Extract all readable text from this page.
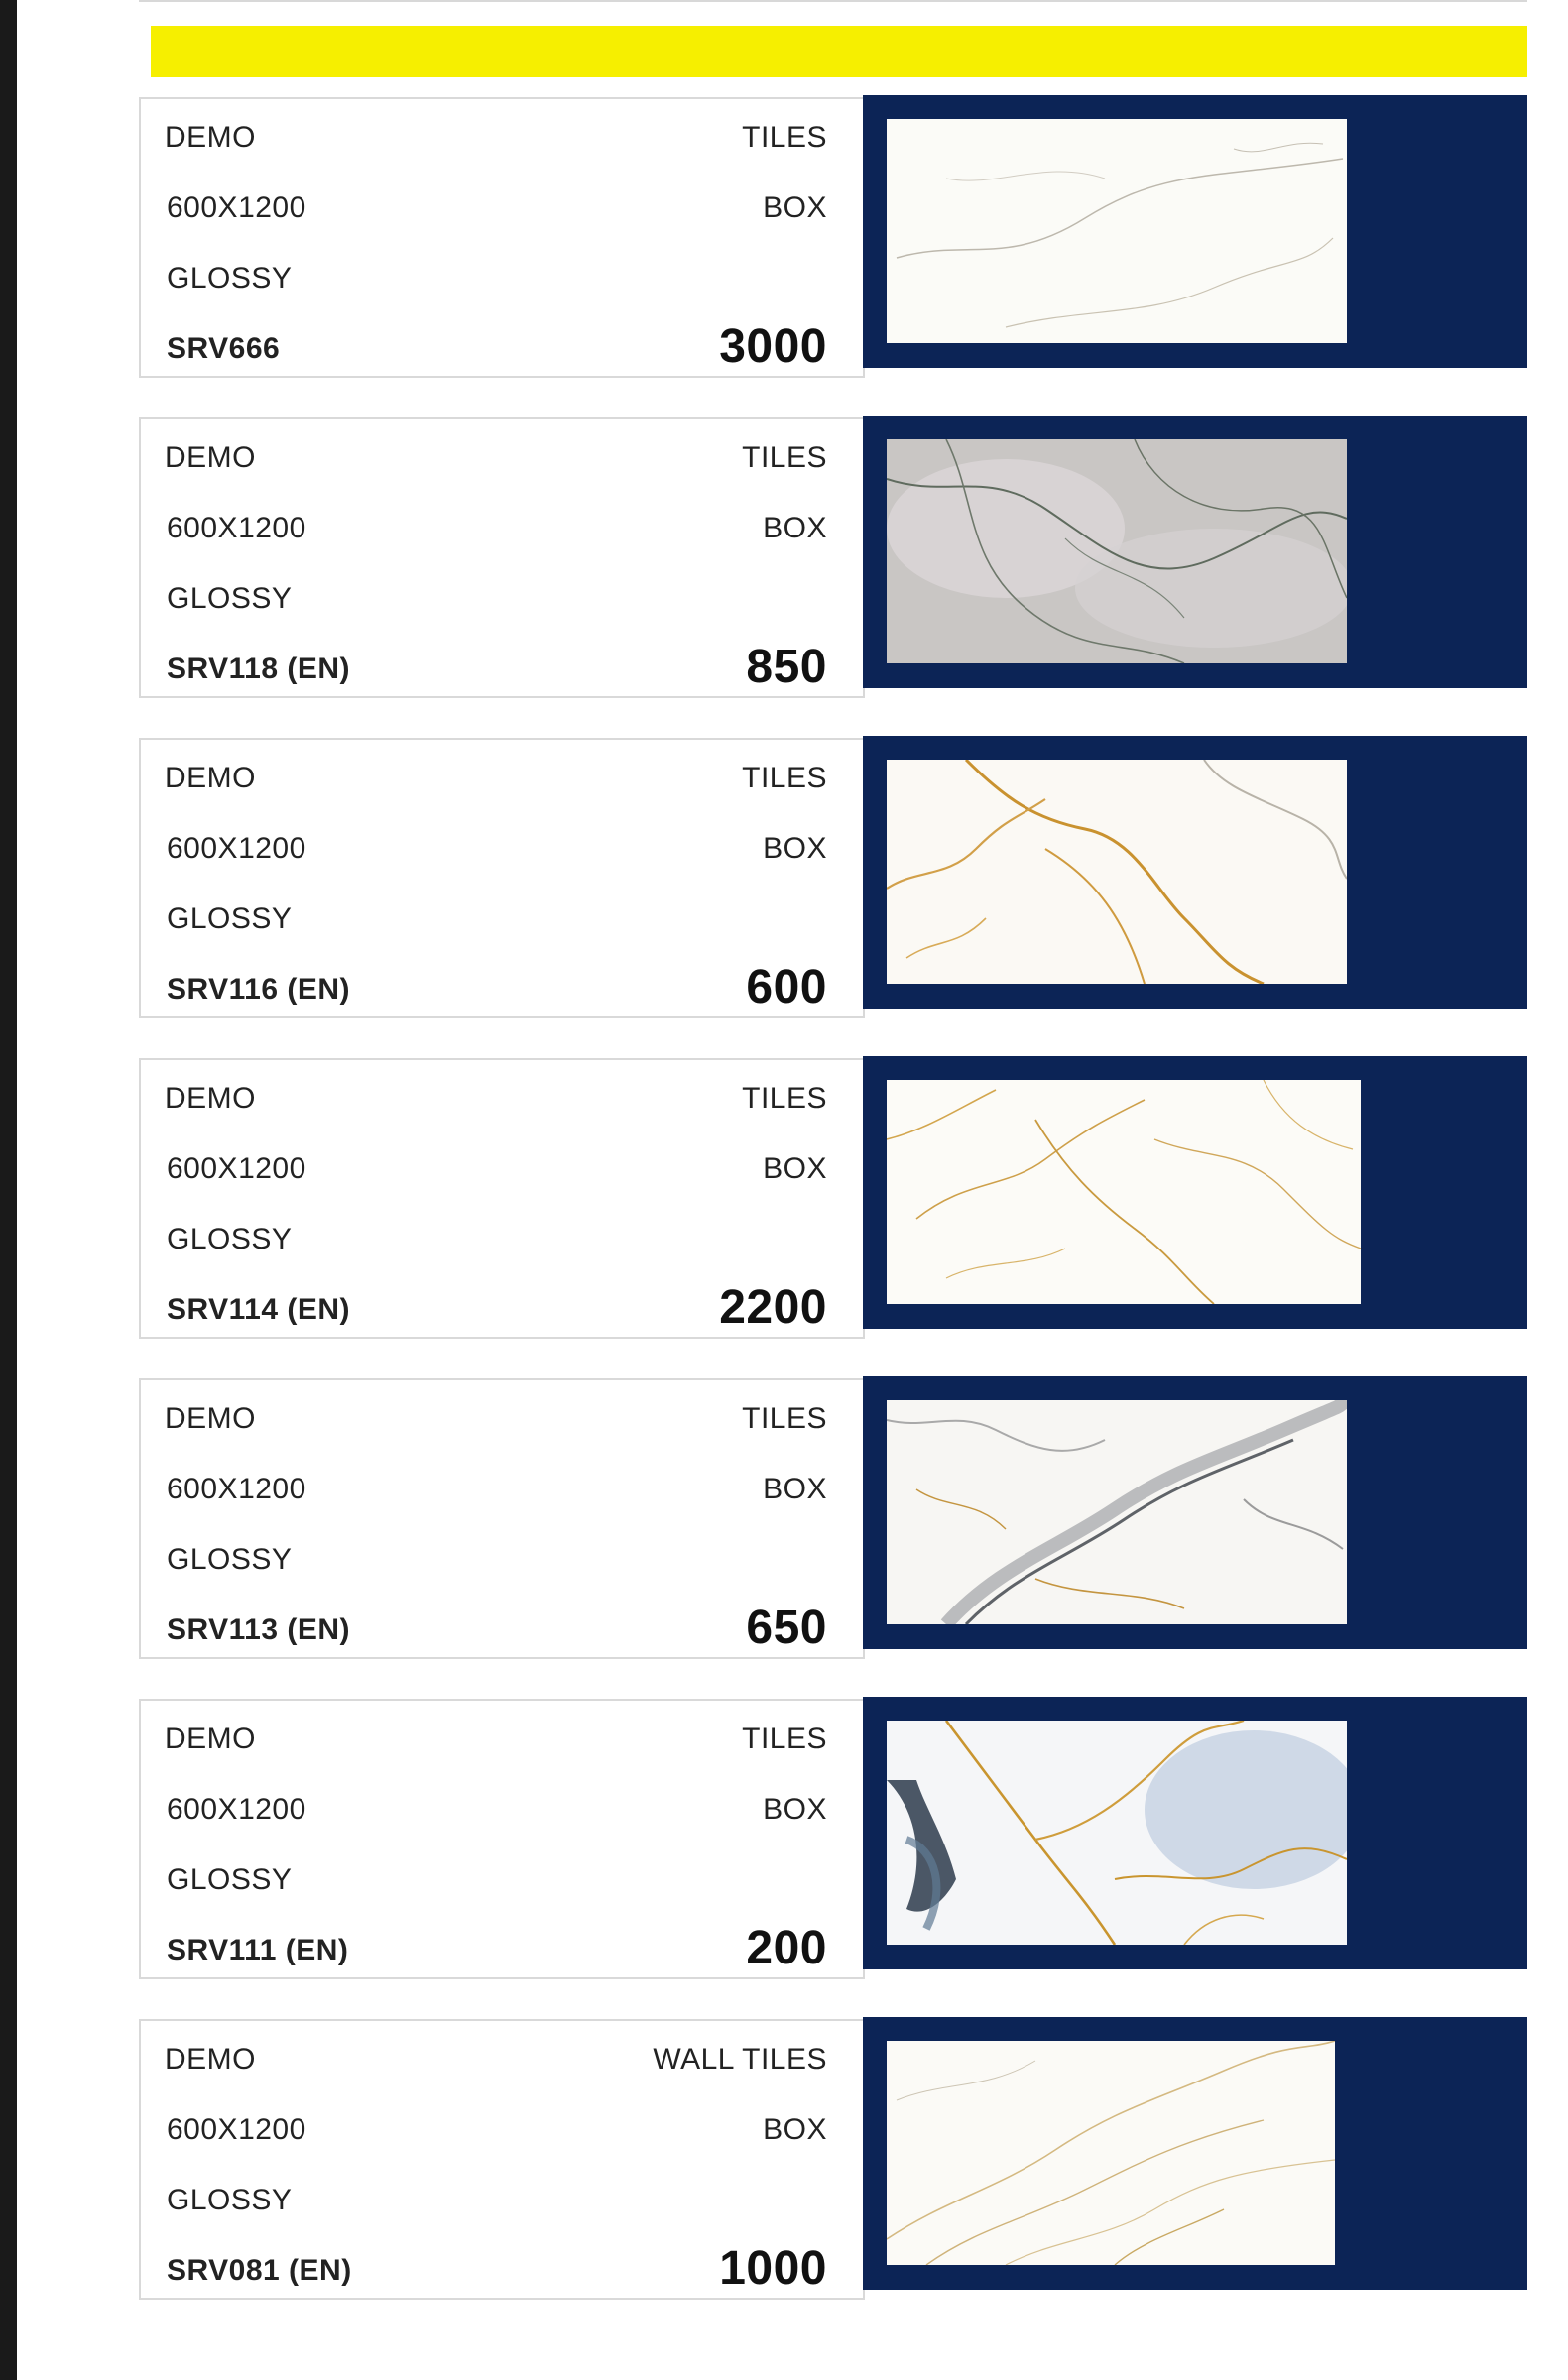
DEMO
600X1200
GLOSSY
SRV666
TILES
BOX
3000
DEMO
600X1200
GLOSSY
SRV118 (EN)
TILES
BOX
850
DEMO
600X1200
GLOSSY
SRV116 (EN)
TILES
BOX
600
DEMO
600X1200
GLOSSY
SRV114 (EN)
TILES
BOX
2200
DEMO
600X1200
GLOSSY
SRV113 (EN)
TILES
BOX
650
DEMO
600X1200
GLOSSY
SRV111 (EN)
TILES
BOX
200
DEMO
600X1200
GLOSSY
SRV081 (EN)
WALL TILES
BOX
1000
